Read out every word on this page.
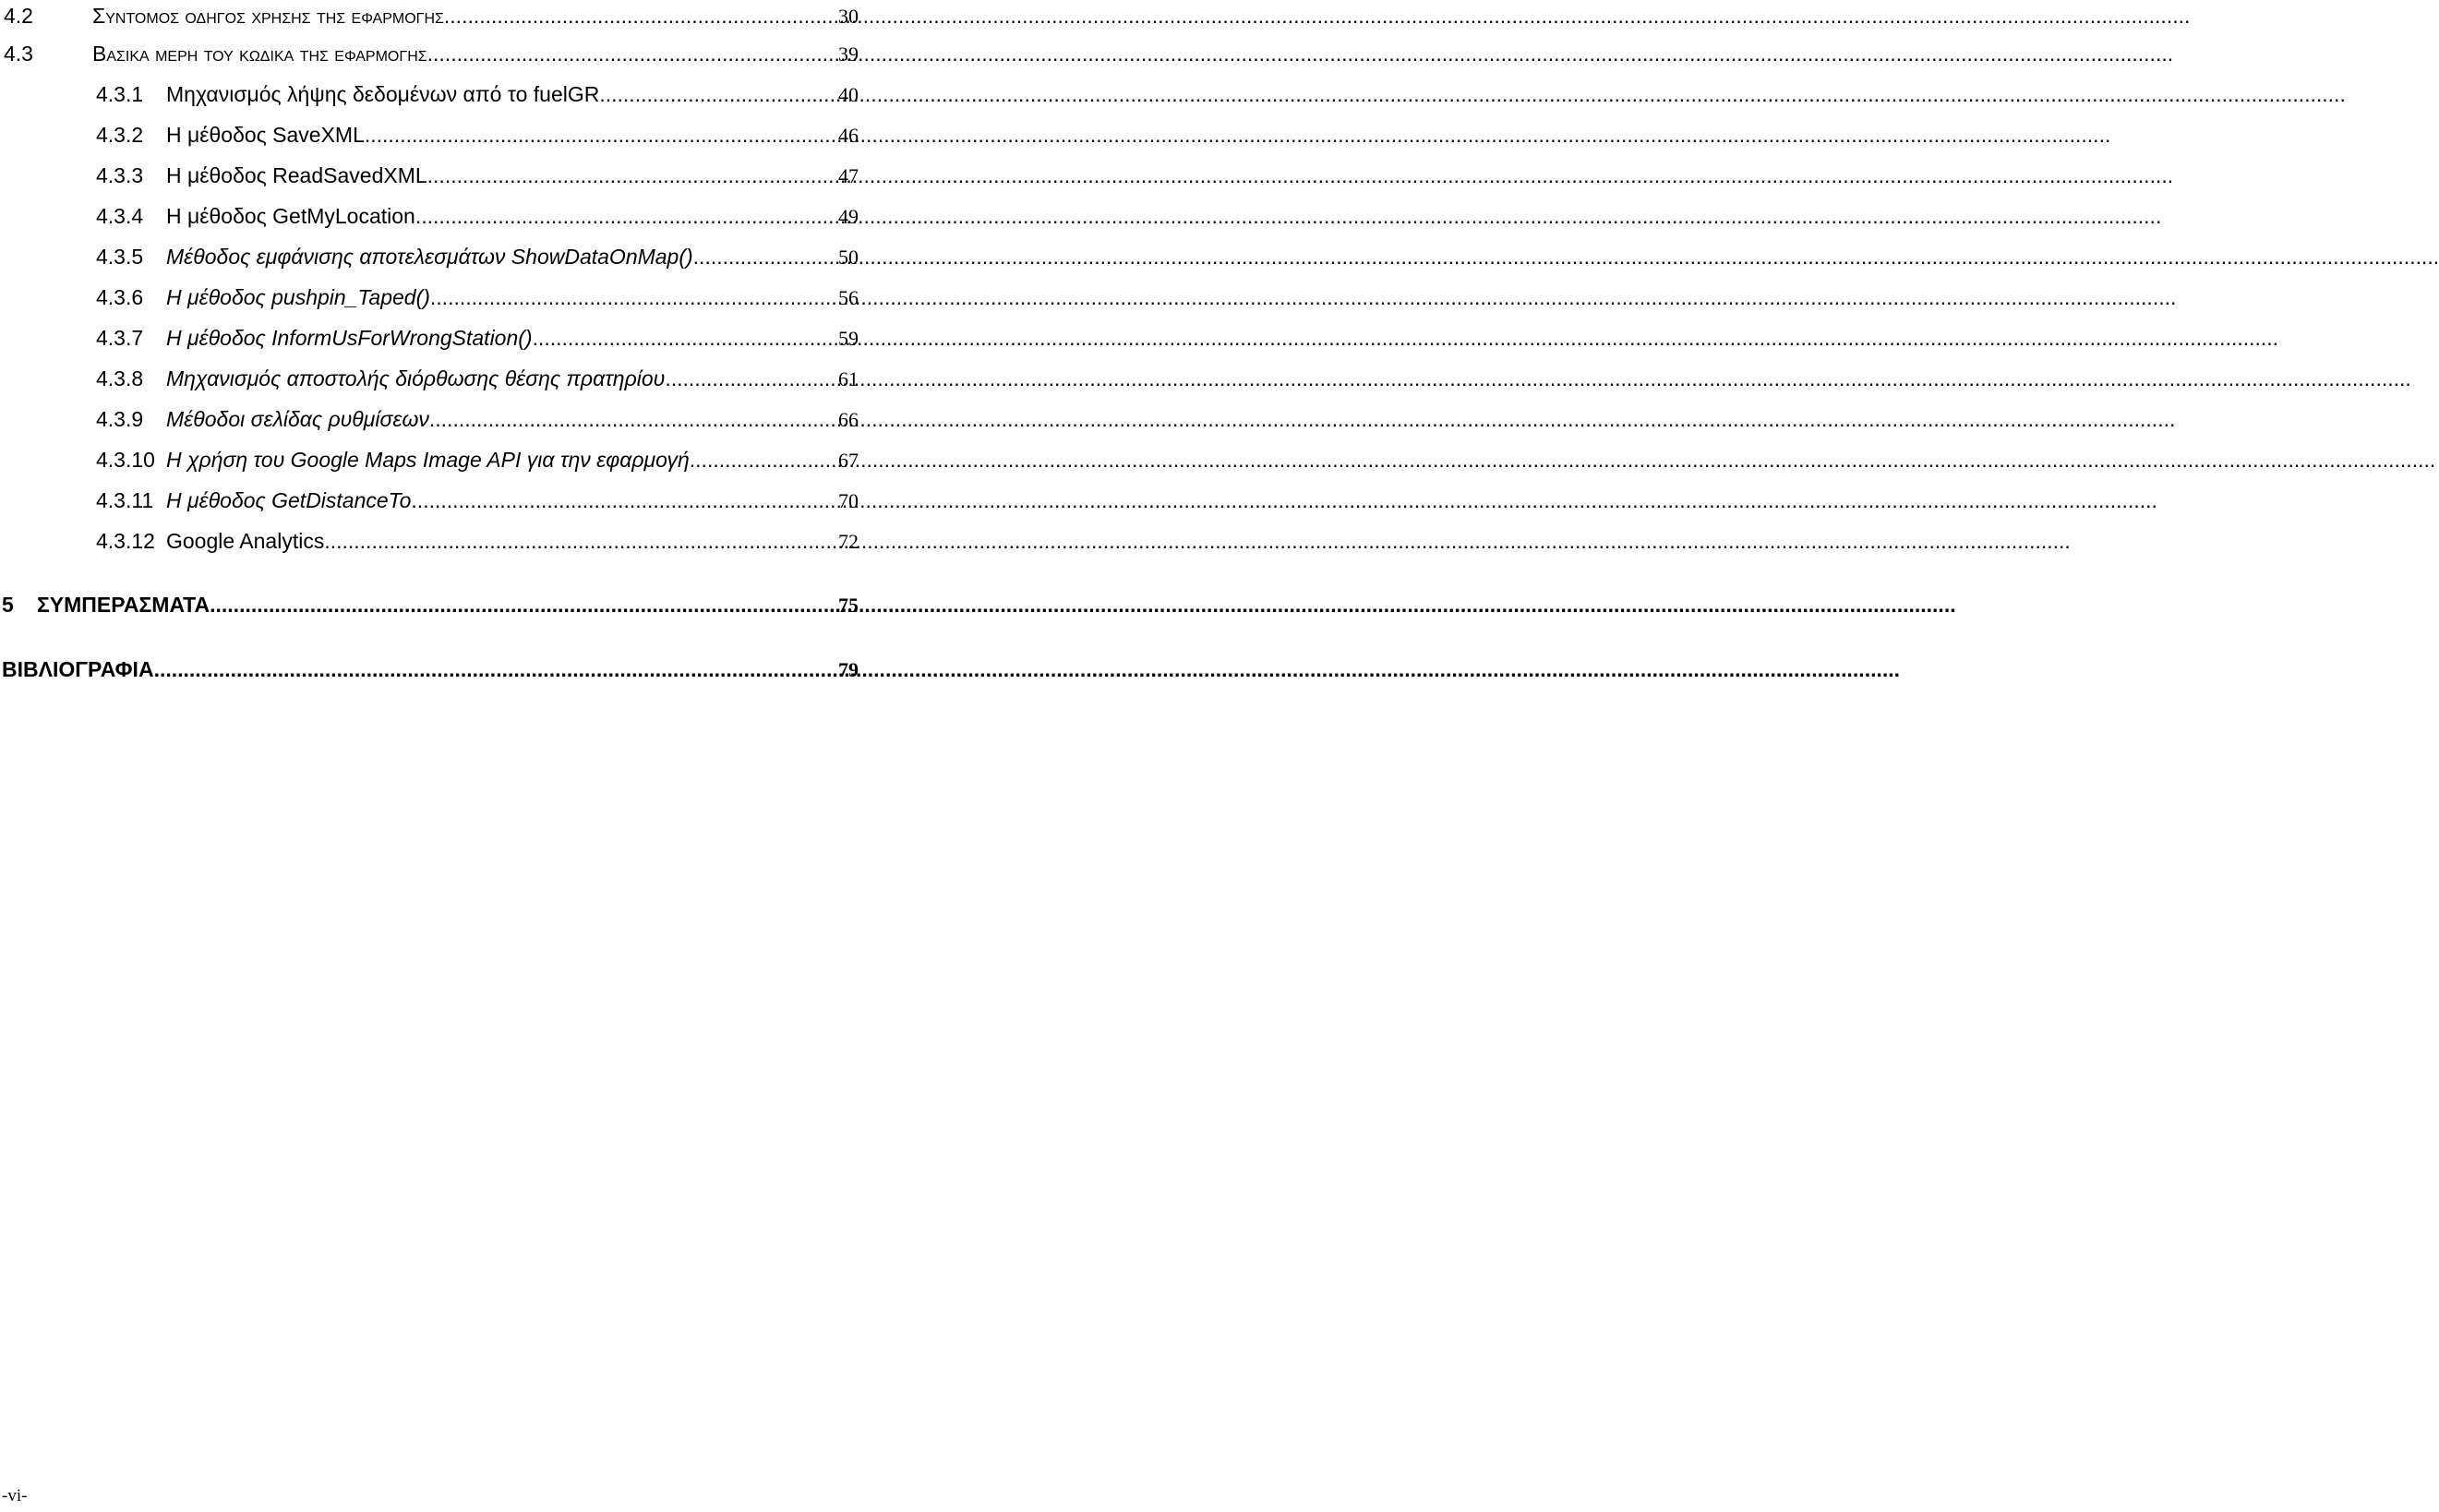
4.2	Συντομος οδηγος χρησης της εφαρμογης .....	30
4.3	Βασικα μερη του κωδικα της εφαρμογης .....	39
4.3.1	Μηχανισμός λήψης δεδομένων από το fuelGR .....	40
4.3.2	Η μέθοδος SaveXML .....	46
4.3.3	Η μέθοδος ReadSavedXML .....	47
4.3.4	Η μέθοδος GetMyLocation .....	49
4.3.5	Μέθοδος εμφάνισης αποτελεσμάτων ShowDataOnMap() .....	50
4.3.6	Η μέθοδος pushpin_Taped() .....	56
4.3.7	Η μέθοδος InformUsForWrongStation() .....	59
4.3.8	Μηχανισμός αποστολής διόρθωσης θέσης πρατηρίου .....	61
4.3.9	Μέθοδοι σελίδας ρυθμίσεων .....	66
4.3.10 Η χρήση του Google Maps Image API για την εφαρμογή .....	67
4.3.11 Η μέθοδος GetDistanceTo .....	70
4.3.12 Google Analytics .....	72
5	ΣΥΜΠΕΡΑΣΜΑΤΑ .....	75
ΒΙΒΛΙΟΓΡΑΦΙΑ .....	79
-vi-
